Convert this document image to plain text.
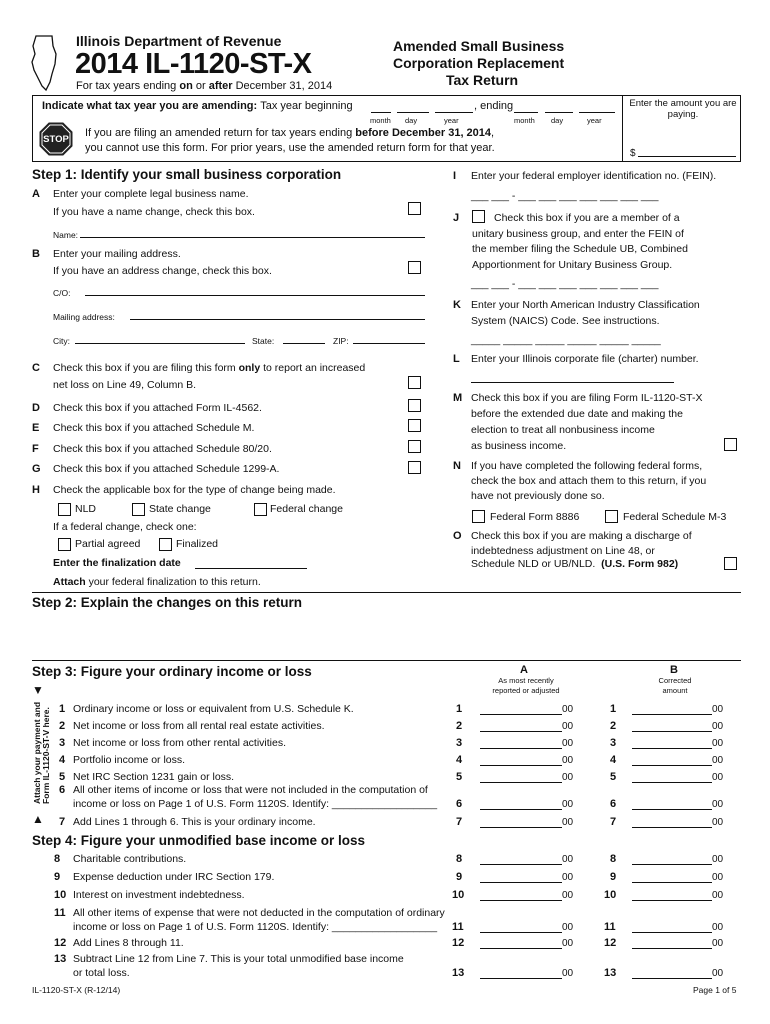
Illinois Department of Revenue
2014 IL-1120-ST-X
For tax years ending on or after December 31, 2014
Amended Small Business
Corporation Replacement
Tax Return
Indicate what tax year you are amending: Tax year beginning	, ending
month day	year	month day	year
STOP
If you are filing an amended return for tax years ending before December 31, 2014,
you cannot use this form. For prior years, use the amended return form for that year.
Enter the amount you are paying.
$
Step 1: Identify your small business corporation
A Enter your complete legal business name.
If you have a name change, check this box.
Name:
B Enter your mailing address.
If you have an address change, check this box.
C/O:
Mailing address:
City:	State:	ZIP:
C Check this box if you are filing this form only to report an increased
net loss on Line 49, Column B.
D Check this box if you attached Form IL-4562.
E Check this box if you attached Schedule M.
F Check this box if you attached Schedule 80/20.
G Check this box if you attached Schedule 1299-A.
H Check the applicable box for the type of change being made.
NLD	State change	Federal change
If a federal change, check one:
Partial agreed	Finalized
Enter the finalization date
Attach your federal finalization to this return.
I Enter your federal employer identification no. (FEIN).
___ ___ - ___ ___ ___ ___ ___ ___ ___
J	Check this box if you are a member of a
unitary business group, and enter the FEIN of
the member filing the Schedule UB, Combined
Apportionment for Unitary Business Group.
___ ___ - ___ ___ ___ ___ ___ ___ ___
K Enter your North American Industry Classification
System (NAICS) Code. See instructions.
_____ _____ _____ _____ _____ _____
L Enter your Illinois corporate file (charter) number.
M Check this box if you are filing Form IL-1120-ST-X
before the extended due date and making the
election to treat all nonbusiness income
as business income.
N If you have completed the following federal forms,
check the box and attach them to this return, if you
have not previously done so.
Federal Form 8886	Federal Schedule M-3
O Check this box if you are making a discharge of
indebtedness adjustment on Line 48, or
Schedule NLD or UB/NLD. (U.S. Form 982)
Step 2: Explain the changes on this return
Step 3: Figure your ordinary income or loss
▼
A
As most recently
reported or adjusted
B
Corrected
amount
Attach your payment and Form IL-1120-ST-V here.
▲
1 Ordinary income or loss or equivalent from U.S. Schedule K.	1	00	1	00
2 Net income or loss from all rental real estate activities.	2	00	2	00
3 Net income or loss from other rental activities.	3	00	3	00
4 Portfolio income or loss.	4	00	4	00
5 Net IRC Section 1231 gain or loss.	5	00	5	00
6 All other items of income or loss that were not included in the computation of
income or loss on Page 1 of U.S. Form 1120S. Identify: __________________ 6	00	6	00
7 Add Lines 1 through 6. This is your ordinary income.	7	00	7	00
Step 4: Figure your unmodified base income or loss
8 Charitable contributions.	8	00	8	00
9 Expense deduction under IRC Section 179.	9	00	9	00
10 Interest on investment indebtedness.	10	00	10	00
11 All other items of expense that were not deducted in the computation of ordinary
income or loss on Page 1 of U.S. Form 1120S. Identify: __________________ 11	00	11	00
12 Add Lines 8 through 11.	12	00	12	00
13 Subtract Line 12 from Line 7. This is your total unmodified base income
or total loss.	13	00	13	00
IL-1120-ST-X (R-12/14)	Page 1 of 5
